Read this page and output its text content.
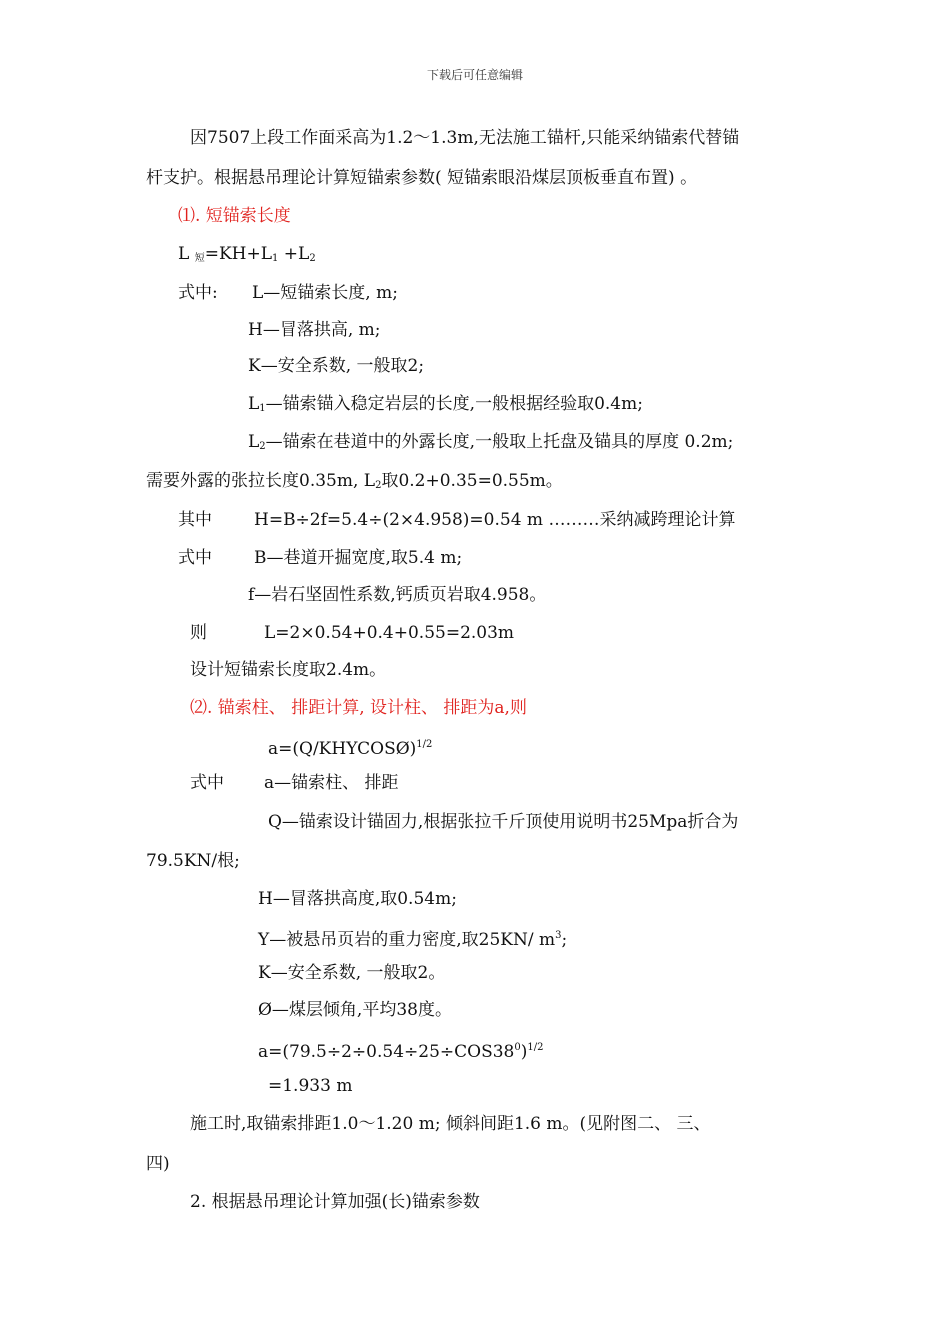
下载后可任意编辑
因7507上段工作面采高为1.2～1.3m,无法施工锚杆,只能采纳锚索代替锚
杆支护。根据悬吊理论计算短锚索参数( 短锚索眼沿煤层顶板垂直布置) 。
⑴. 短锚索长度
L $_短=KH+L_1 +L_2$
式中: L—短锚索长度, m;
H—冒落拱高, m;
K—安全系数, 一般取2;
$L_1—$锚索锚入稳定岩层的长度,一般根据经验取0.4m;
$L_2—$锚索在巷道中的外露长度,一般取上托盘及锚具的厚度 0.2m;
需要外露的张拉长度0.35m, $L_2$取0.2+0.35=0.55m。
其中 H=B÷2f=5.4÷(2×4.958)=0.54 m ………采纳减跨理论计算
式中 B—巷道开掘宽度,取5.4 m;
f—岩石坚固性系数,钙质页岩取4.958。
则	L=2×0.54+0.4+0.55=2.03m
设计短锚索长度取2.4m。
⑵. 锚索柱、 排距计算, 设计柱、 排距为a,则
a=(Q/KHYCOSØ)$^{1/2}$
式中 a—锚索柱、 排距
Q—锚索设计锚固力,根据张拉千斤顶使用说明书25Mpa折合为
79.5KN/根;
H—冒落拱高度,取0.54m;
Y—被悬吊页岩的重力密度,取25KN/ $m^3$;
K—安全系数, 一般取2。
Ø—煤层倾角,平均38度。
$a=(79.5\div 2\div 0.54\div 25\div COS38^0)^{1/2}$
=1.933 m
施工时,取锚索排距1.0～1.20 m; 倾斜间距1.6 m。(见附图二、 三、
四)
2. 根据悬吊理论计算加强(长)锚索参数
